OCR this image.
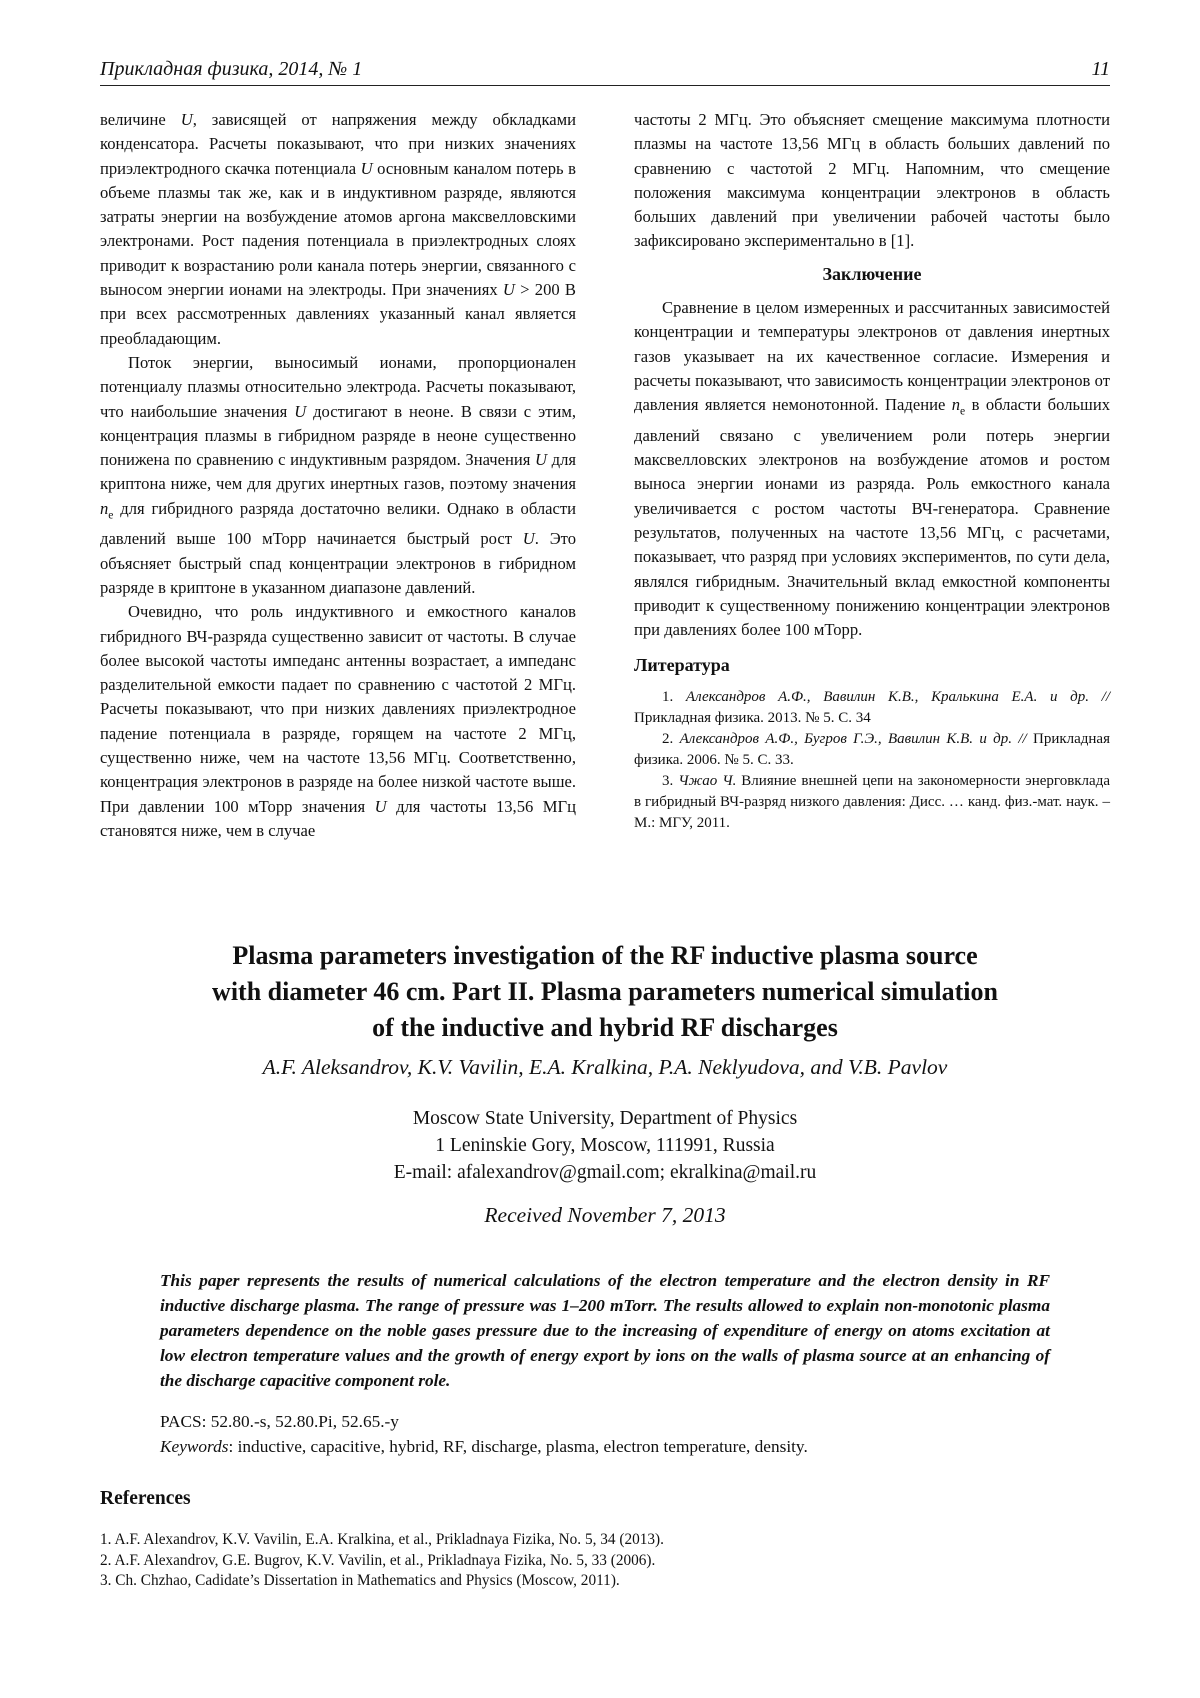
Прикладная физика, 2014, № 1	11

величине U, зависящей от напряжения между обкладками конденсатора. Расчеты показывают, что при низких значениях приэлектродного скачка потенциала U основным каналом потерь в объеме плазмы так же, как и в индуктивном разряде, являются затраты энергии на возбуждение атомов аргона максвелловскими электронами. Рост падения потенциала в приэлектродных слоях приводит к возрастанию роли канала потерь энергии, связанного с выносом энергии ионами на электроды. При значениях U > 200 В при всех рассмотренных давлениях указанный канал является преобладающим.

Поток энергии, выносимый ионами, пропорционален потенциалу плазмы относительно электрода. Расчеты показывают, что наибольшие значения U достигают в неоне. В связи с этим, концентрация плазмы в гибридном разряде в неоне существенно понижена по сравнению с индуктивным разрядом. Значения U для криптона ниже, чем для других инертных газов, поэтому значения $n_e$ для гибридного разряда достаточно велики. Однако в области давлений выше 100 мТорр начинается быстрый рост U. Это объясняет быстрый спад концентрации электронов в гибридном разряде в криптоне в указанном диапазоне давлений.

Очевидно, что роль индуктивного и емкостного каналов гибридного ВЧ-разряда существенно зависит от частоты. В случае более высокой частоты импеданс антенны возрастает, а импеданс разделительной емкости падает по сравнению с частотой 2 МГц. Расчеты показывают, что при низких давлениях приэлектродное падение потенциала в разряде, горящем на частоте 2 МГц, существенно ниже, чем на частоте 13,56 МГц. Соответственно, концентрация электронов в разряде на более низкой частоте выше. При давлении 100 мТорр значения U для частоты 13,56 МГц становятся ниже, чем в случае

частоты 2 МГц. Это объясняет смещение максимума плотности плазмы на частоте 13,56 МГц в область больших давлений по сравнению с частотой 2 МГц. Напомним, что смещение положения максимума концентрации электронов в область больших давлений при увеличении рабочей частоты было зафиксировано экспериментально в [1].

Заключение

Сравнение в целом измеренных и рассчитанных зависимостей концентрации и температуры электронов от давления инертных газов указывает на их качественное согласие. Измерения и расчеты показывают, что зависимость концентрации электронов от давления является немонотонной. Падение $n_e$ в области больших давлений связано с увеличением роли потерь энергии максвелловских электронов на возбуждение атомов и ростом выноса энергии ионами из разряда. Роль емкостного канала увеличивается с ростом частоты ВЧ-генератора. Сравнение результатов, полученных на частоте 13,56 МГц, с расчетами, показывает, что разряд при условиях экспериментов, по сути дела, являлся гибридным. Значительный вклад емкостной компоненты приводит к существенному понижению концентрации электронов при давлениях более 100 мТорр.

Литература

1. Александров А.Ф., Вавилин К.В., Кралькина Е.А. и др. // Прикладная физика. 2013. № 5. С. 34

2. Александров А.Ф., Бугров Г.Э., Вавилин К.В. и др. // Прикладная физика. 2006. № 5. С. 33.

3. Чжао Ч. Влияние внешней цепи на закономерности энерговклада в гибридный ВЧ-разряд низкого давления: Дисс. … канд. физ.-мат. наук. – М.: МГУ, 2011.

Plasma parameters investigation of the RF inductive plasma source
with diameter 46 cm. Part II. Plasma parameters numerical simulation
of the inductive and hybrid RF discharges
A.F. Aleksandrov, K.V. Vavilin, E.A. Kralkina, P.A. Neklyudova, and V.B. Pavlov
Moscow State University, Department of Physics
1 Leninskie Gory, Moscow, 111991, Russia
E-mail: afalexandrov@gmail.com; ekralkina@mail.ru
Received November 7, 2013
This paper represents the results of numerical calculations of the electron temperature and the electron density in RF inductive discharge plasma. The range of pressure was 1–200 mTorr. The results allowed to explain non-monotonic plasma parameters dependence on the noble gases pressure due to the increasing of expenditure of energy on atoms excitation at low electron temperature values and the growth of energy export by ions on the walls of plasma source at an enhancing of the discharge capacitive component role.
PACS: 52.80.-s, 52.80.Pi, 52.65.-y
Keywords: inductive, capacitive, hybrid, RF, discharge, plasma, electron temperature, density.
References

1. A.F. Alexandrov, K.V. Vavilin, E.A. Kralkina, et al., Prikladnaya Fizika, No. 5, 34 (2013).

2. A.F. Alexandrov, G.E. Bugrov, K.V. Vavilin, et al., Prikladnaya Fizika, No. 5, 33 (2006).

3. Ch. Chzhao, Cadidate’s Dissertation in Mathematics and Physics (Moscow, 2011).
